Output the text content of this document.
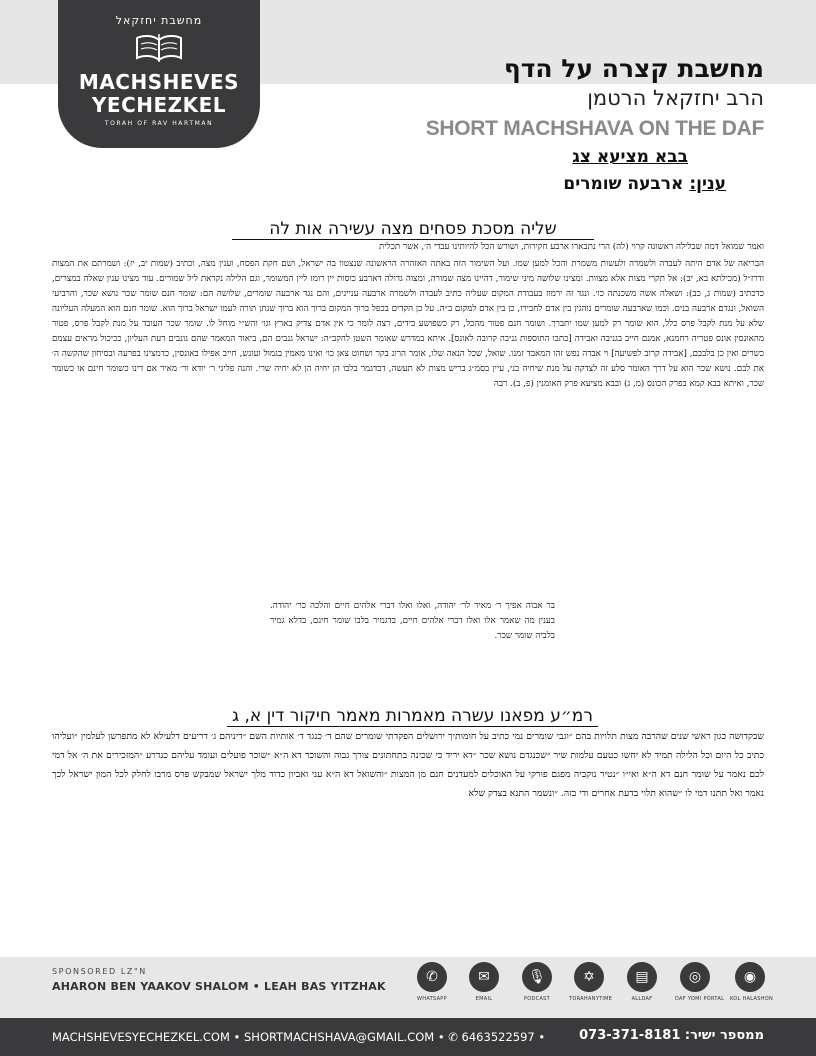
מחשבת יחזקאל
MACHSHEVES
YECHEZKEL
TORAH OF RAV HARTMAN
מחשבת קצרה על הדף
הרב יחזקאל הרטמן
SHORT MACHSHAVA ON THE DAF
בבא מציעא צג
ענין: ארבעה שומרים
שליה מסכת פסחים מצה עשירה אות לה

ואמר שמואל דמה שבלילה ראשונה קרוי (לה) הרי נתבארו ארבע חקירות, ושורש הכל להיותינו עבדי ה׳, אשר תכלית

הבריאה של אדם היתה לעבדה ולשמרה ולעשות משמרת והכל למען שמו. ועל השימור הזה באתה האזהרה הראשונה שנצטוו בה ישראל, ושם חקת הפסח, וענין מצה, וכתיב (שמות יב, יז): ושמרתם את המצות ודרז״ל (מכילתא בא, יב): אל תקרי מצות אלא מצוות. ומצינו שלושה מיני שימור, דהיינו מצה שמורה, ומצוה גדולה דארבע כוסות יין רומז ליין המשומר, וגם הלילה נקראת ליל שמורים. עוד מצינו ענין שאלה במצרים, כדכתיב (שמות ג, כב): ושאלה אשה משכנתה כו׳. ונגד זה ירמוז בעבודת המקום שעליה כתיב לעבדה ולשמרה ארבעה עניינים, והם נגד ארבעה שומרים, שלושה הם: שומר חנם שומר שכר נושא שכר, והרביעי השואל, ונגדם ארבעה בנים. וכמו שארבעה שומרים נוהגין בין אדם לחבירו, כן בין אדם למקום ב״ה. על כן הקדים בכפל ברוך המקום ברוך הוא ברוך שנתן תורה לעמו ישראל ברוך הוא. שומר חנם הוא המעלה העליונה שלא על מנת לקבל פרס כלל, הוא שומר רק למען שמו יתברך. ושומר חנם פטור מהכל, רק כשפושע בידים, רצה לומר כי אין אדם צדיק בארץ וגו׳ והש״י מוחל לו. שומר שכר העובד על מנת לקבל פרס, פטור מהאונסין אונס פטריה רחמנא, אמנם חייב בגניבה ואבידה [כתבו התוספות גניבה קרובה לאונס]. איתא במדרש שאומר השטן להקב״ה: ישראל גנבים הם, ביאור המאמר שהם גונבים דעת העליון, ככיכול מראים עצמם כשרים ואין כן בלבבם, [אבידה קרוב לפשיעה] וי אבדה נפש זהו המאבד זמנו. שואל, שכל הנאה שלו, אומר הרוג בקר ושחוט צאן כו׳ ואינו מאמין בגמול ועונש, חייב אפילו באונסין, כדמצינו בפרעה ובסיחון שהקשה ה׳ את לבם. נושא שכר הוא על דרך האומר סלע זה לצדקה על מנת שיחיה בני, עיין בסמ״ג בריש מצות לא תעשה, דבדגמר בלבו הן יחיה הן לא יחיה שרי. והנה פליגי ר׳ יודא ור׳ מאיר אם דינו כשומר חינם או כשומר שכר, ואיתא בבא קמא בפרק הכונס (מ, ג) ובבא מציעא פרק האומנין (פ, ב). רבה

בר אבוה אפיך ר׳ מאיר לר׳ יהודה, ואלו ואלו דברי אלהים חיים והלכה כר׳ יהודה. בענין מה שאמר אלו ואלו דברי אלהים חיים, בדגמיר בלבו שומר חינם, בדלא גמיר בלביה שומר שכר.
רמ״ע מפאנו עשרה מאמרות מאמר חיקור דין א, ג

שבקדושה כגון ראשי שנים שהרבה מצות תלויות בהם ״וגבי שומרים נמי כתיב על חומותיך ירושלים הפקדתי שומרים שהם ד׳ כנגד ד׳ אותיות השם ״דיניהם ג׳ דריעים דלעילא לא מתפרשן לעלמין ״ועליהו כתיב כל היום וכל הלילה תמיד לא יחשו כטעם עלמות שיר ״שכנגדם נושא שכר ״דא יריד כי שכינה בתחתונים צורך גבוה והשוכר דא ה״א ״שוכר פועלים ועומד עליהם כנדרע ״המזכירים את ה׳ אל דמי לכם נאמר על שומר חנם דא ה״א ואי״ו ״נטיר נוקביה מפגם פורקי על האוכלים למעדנים חנם מן המצות ״והשואל דא ה״א עני ואביון כדוד מלך ישראל שמבקש פרס מרבו לחלק לכל המון ישראל לכך נאמר ואל תתנו דמי לו ״שהוא תלוי בדעת אחרים ודי בזה. ״ונשמר התנא בצדק שלא

SPONSORED LZ"N
AHARON BEN YAAKOV SHALOM • LEAH BAS YITZHAK
✆
WHATSAPP
✉
EMAIL
🎙
PODCAST
✡
TORAHANYTIME
▤
ALLDAF
◎
DAF YOMI PORTAL
◉
KOL HALASHON
MACHSHEVESYECHEZKEL.COM • SHORTMACHSHAVA@GMAIL.COM • ✆ 6463522597 •	ממספר ישיר: 073-371-8181
